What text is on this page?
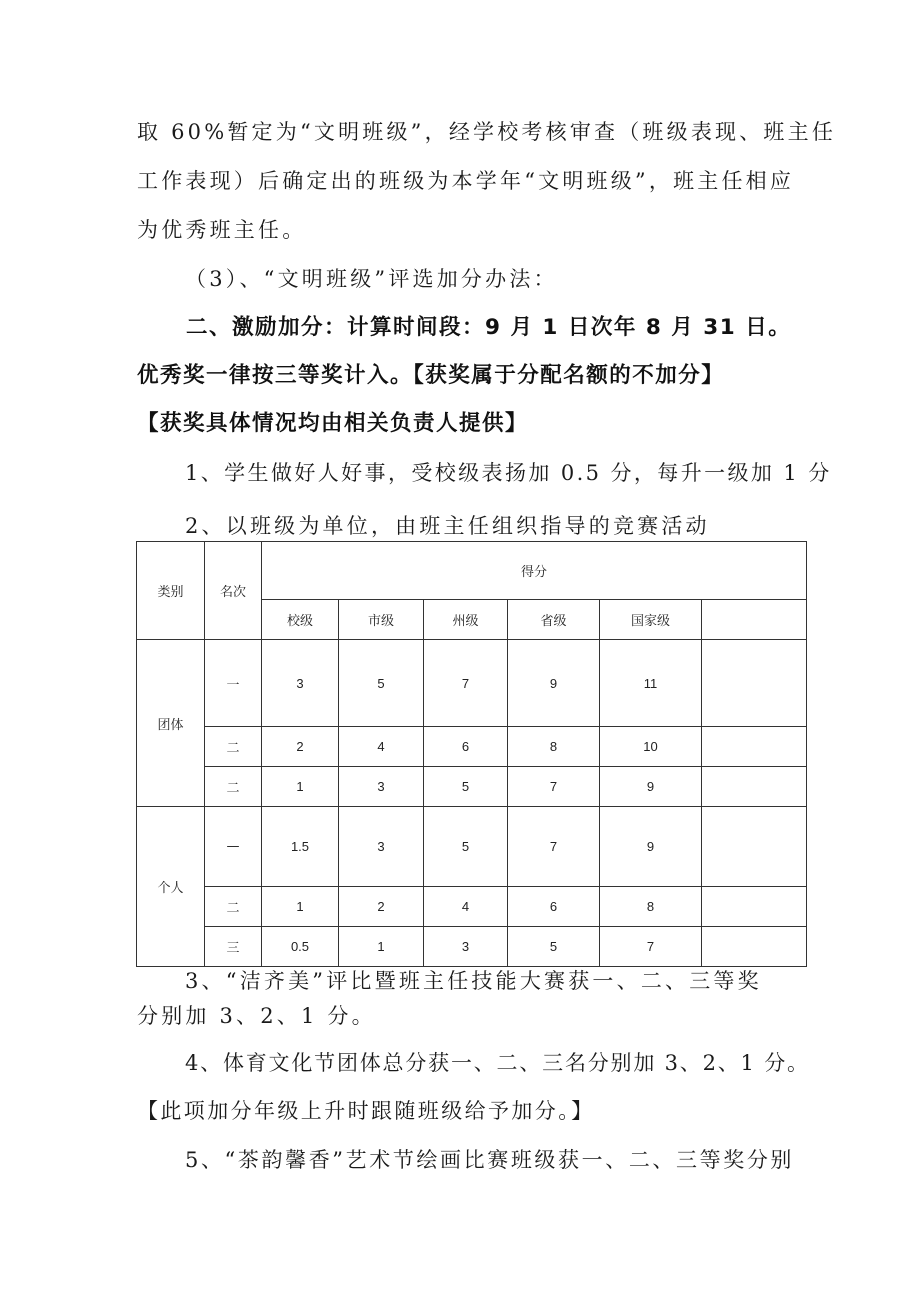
取 60%暂定为“文明班级”，经学校考核审查（班级表现、班主任
工作表现）后确定出的班级为本学年“文明班级”，班主任相应
为优秀班主任。
（3）、“文明班级”评选加分办法：
二、激励加分：计算时间段：9 月 1 日次年 8 月 31 日。
优秀奖一律按三等奖计入。【获奖属于分配名额的不加分】
【获奖具体情况均由相关负责人提供】
1、学生做好人好事，受校级表扬加 0.5 分，每升一级加 1 分
2、以班级为单位，由班主任组织指导的竞赛活动
类别	名次	得分					
		校级	市级	州级	省级	国家级	
团体	一	3	5	7	9	11	
	二	2	4	6	8	10	
	二	1	3	5	7	9	
个人	—	1.5	3	5	7	9	
	二	1	2	4	6	8	
	三	0.5	1	3	5	7	
3、“洁齐美”评比暨班主任技能大赛获一、二、三等奖
分别加 3、2、1 分。
4、体育文化节团体总分获一、二、三名分别加 3、2、1 分。
【此项加分年级上升时跟随班级给予加分。】
5、“茶韵馨香”艺术节绘画比赛班级获一、二、三等奖分别
